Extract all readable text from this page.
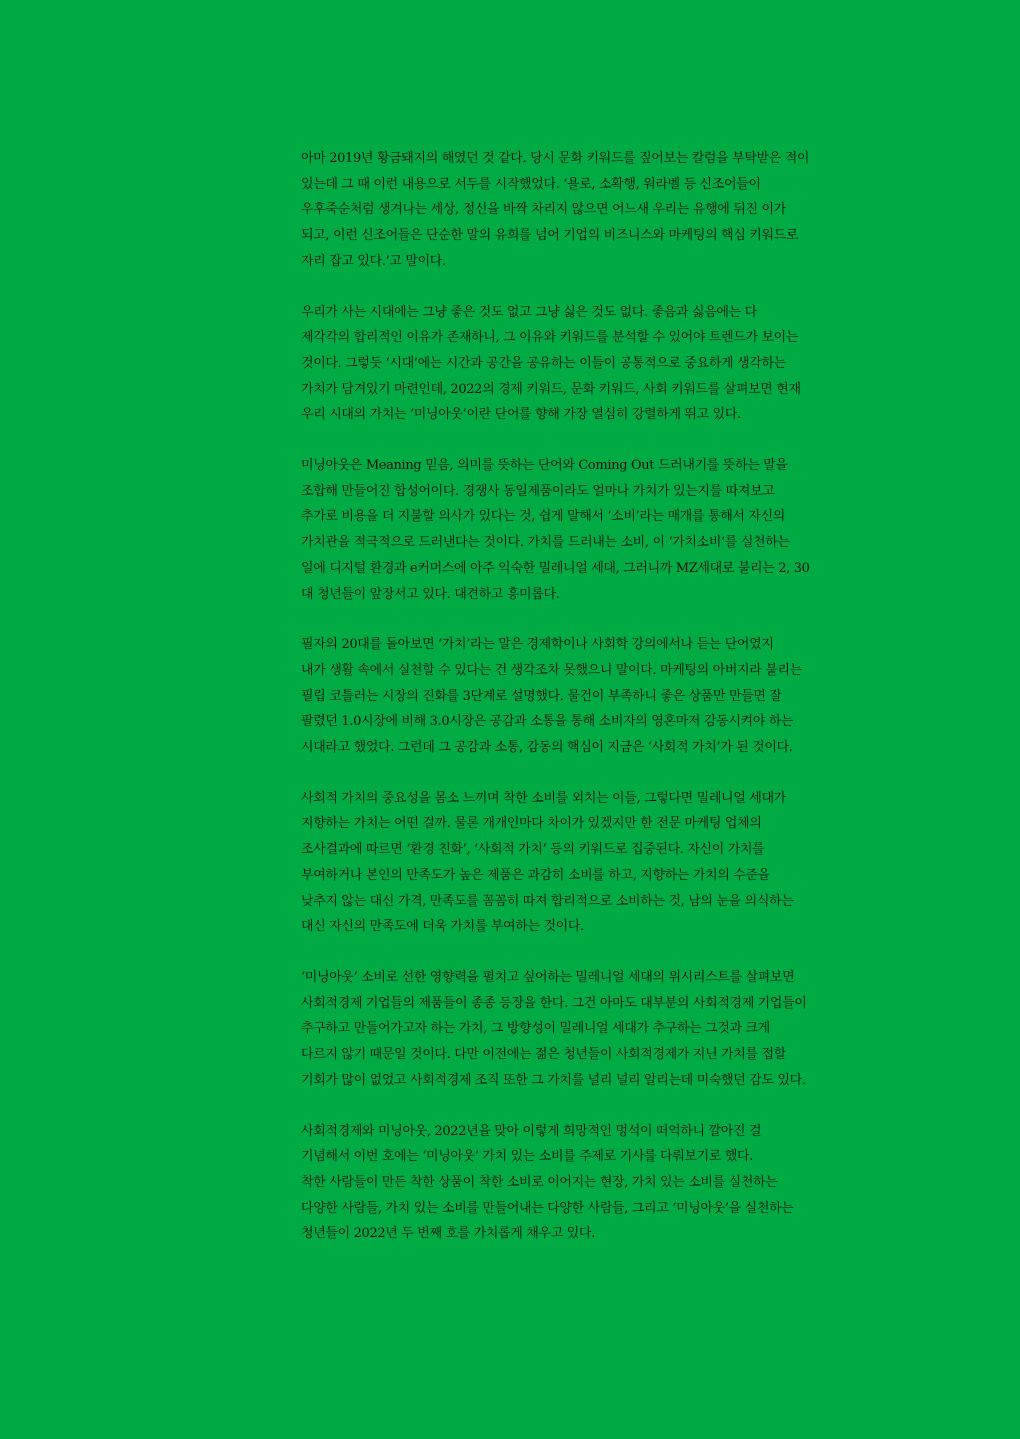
아마 2019년 황금돼지의 해였던 것 같다. 당시 문화 키워드를 짚어보는 칼럼을 부탁받은 적이
있는데 그 때 이런 내용으로 서두를 시작했었다. ‘욜로, 소확행, 워라벨 등 신조어들이
우후죽순처럼 생겨나는 세상, 정신을 바짝 차리지 않으면 어느새 우리는 유행에 뒤진 이가
되고, 이런 신조어들은 단순한 말의 유희를 넘어 기업의 비즈니스와 마케팅의 핵심 키워드로
자리 잡고 있다.’고 말이다.
우리가 사는 시대에는 그냥 좋은 것도 없고 그냥 싫은 것도 없다. 좋음과 싫음에는 다
제각각의 합리적인 이유가 존재하니, 그 이유와 키워드를 분석할 수 있어야 트렌드가 보이는
것이다. 그렇듯 ‘시대’에는 시간과 공간을 공유하는 이들이 공통적으로 중요하게 생각하는
가치가 담겨있기 마련인데, 2022의 경제 키워드, 문화 키워드, 사회 키워드를 살펴보면 현재
우리 시대의 가치는 ‘미닝아웃’이란 단어를 향해 가장 열심히 강렬하게 뛰고 있다.
미닝아웃은 Meaning 믿음, 의미를 뜻하는 단어와 Coming Out 드러내기를 뜻하는 말을
조합해 만들어진 합성어이다. 경쟁사 동일제품이라도 얼마나 가치가 있는지를 따져보고
추가로 비용을 더 지불할 의사가 있다는 것, 쉽게 말해서 ‘소비’라는 매개를 통해서 자신의
가치관을 적극적으로 드러낸다는 것이다. 가치를 드러내는 소비, 이 ‘가치소비’를 실천하는
일에 디지털 환경과 e커머스에 아주 익숙한 밀레니얼 세대, 그러니까 MZ세대로 불리는 2, 30
대 청년들이 앞장서고 있다. 대견하고 흥미롭다.
필자의 20대를 돌아보면 ‘가치’라는 말은 경제학이나 사회학 강의에서나 듣는 단어였지
내가 생활 속에서 실천할 수 있다는 건 생각조차 못했으니 말이다. 마케팅의 아버지라 불리는
필립 코틀러는 시장의 진화를 3단계로 설명했다. 물건이 부족하니 좋은 상품만 만들면 잘
팔렸던 1.0시장에 비해 3.0시장은 공감과 소통을 통해 소비자의 영혼마저 감동시켜야 하는
시대라고 했었다. 그런데 그 공감과 소통, 감동의 핵심이 지금은 ‘사회적 가치’가 된 것이다.
사회적 가치의 중요성을 몸소 느끼며 착한 소비를 외치는 이들, 그렇다면 밀레니얼 세대가
지향하는 가치는 어떤 걸까. 물론 개개인마다 차이가 있겠지만 한 전문 마케팅 업체의
조사결과에 따르면 ‘환경 친화’, ‘사회적 가치’ 등의 키워드로 집중된다. 자신이 가치를
부여하거나 본인의 만족도가 높은 제품은 과감히 소비를 하고, 지향하는 가치의 수준을
낮추지 않는 대신 가격, 만족도를 꼼꼼히 따져 합리적으로 소비하는 것, 남의 눈을 의식하는
대신 자신의 만족도에 더욱 가치를 부여하는 것이다.
‘미닝아웃’ 소비로 선한 영향력을 펼치고 싶어하는 밀레니얼 세대의 위시리스트를 살펴보면
사회적경제 기업들의 제품들이 종종 등장을 한다. 그건 아마도 대부분의 사회적경제 기업들이
추구하고 만들어가고자 하는 가치, 그 방향성이 밀레니얼 세대가 추구하는 그것과 크게
다르지 않기 때문일 것이다. 다만 이전에는 젊은 청년들이 사회적경제가 지닌 가치를 접할
기회가 많이 없었고 사회적경제 조직 또한 그 가치를 널리 널리 알리는데 미숙했던 감도 있다.
사회적경제와 미닝아웃, 2022년을 맞아 이렇게 희망적인 멍석이 떠억하니 깔아진 걸
기념해서 이번 호에는 ‘미닝아웃’ 가치 있는 소비를 주제로 기사를 다뤄보기로 했다.
착한 사람들이 만든 착한 상품이 착한 소비로 이어지는 현장, 가치 있는 소비를 실천하는
다양한 사람들, 가치 있는 소비를 만들어내는 다양한 사람들, 그리고 ‘미닝아웃’을 실천하는
청년들이 2022년 두 번째 호를 가치롭게 채우고 있다.
